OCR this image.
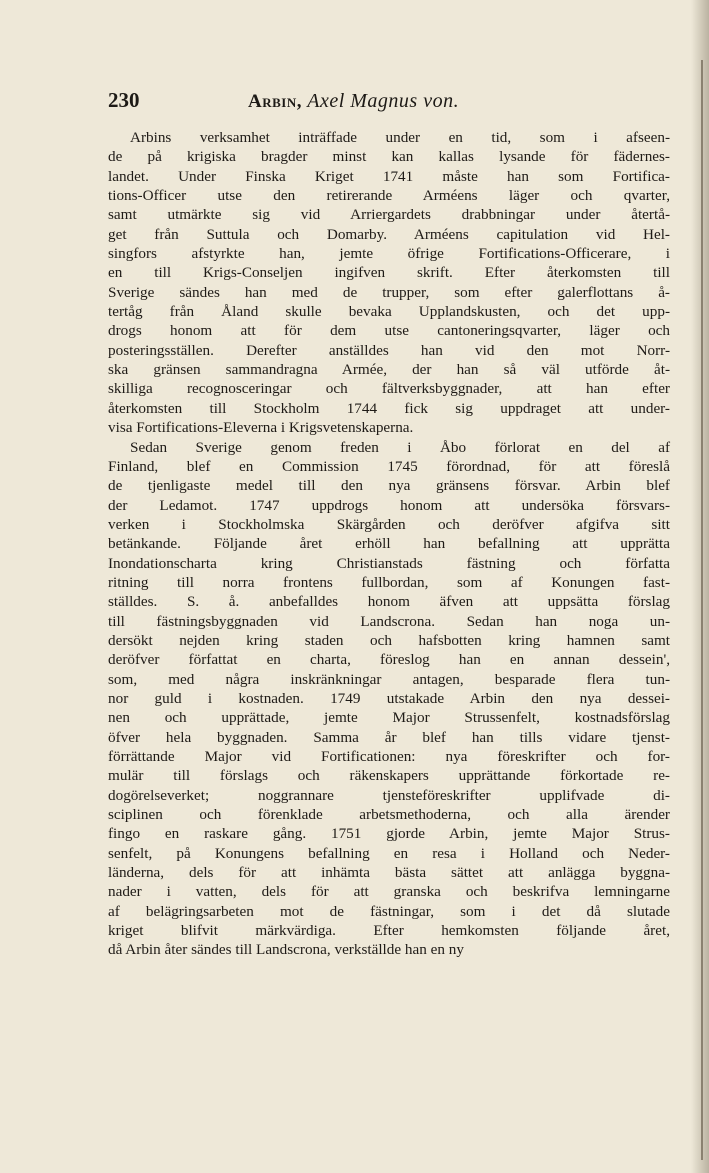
230	Arbin, Axel Magnus von.
Arbins verksamhet inträffade under en tid, som i afseen-
de på krigiska bragder minst kan kallas lysande för fädernes-
landet. Under Finska Kriget 1741 måste han som Fortifica-
tions-Officer utse den retirerande Arméens läger och qvarter,
samt utmärkte sig vid Arriergardets drabbningar under återtå-
get från Suttula och Domarby. Arméens capitulation vid Hel-
singfors afstyrkte han, jemte öfrige Fortifications-Officerare, i
en till Krigs-Conseljen ingifven skrift. Efter återkomsten till
Sverige sändes han med de trupper, som efter galerflottans å-
tertåg från Åland skulle bevaka Upplandskusten, och det upp-
drogs honom att för dem utse cantoneringsqvarter, läger och
posteringsställen. Derefter anställdes han vid den mot Norr-
ska gränsen sammandragna Armée, der han så väl utförde åt-
skilliga recognosceringar och fältverksbyggnader, att han efter
återkomsten till Stockholm 1744 fick sig uppdraget att under-
visa Fortifications-Eleverna i Krigsvetenskaperna.
Sedan Sverige genom freden i Åbo förlorat en del af
Finland, blef en Commission 1745 förordnad, för att föreslå
de tjenligaste medel till den nya gränsens försvar. Arbin blef
der Ledamot. 1747 uppdrogs honom att undersöka försvars-
verken i Stockholmska Skärgården och deröfver afgifva sitt
betänkande. Följande året erhöll han befallning att upprätta
Inondationscharta kring Christianstads fästning och författa
ritning till norra frontens fullbordan, som af Konungen fast-
ställdes. S. å. anbefalldes honom äfven att uppsätta förslag
till fästningsbyggnaden vid Landscrona. Sedan han noga un-
dersökt nejden kring staden och hafsbotten kring hamnen samt
deröfver författat en charta, föreslog han en annan dessein',
som, med några inskränkningar antagen, besparade flera tun-
nor guld i kostnaden. 1749 utstakade Arbin den nya dessei-
nen och upprättade, jemte Major Strussenfelt, kostnadsförslag
öfver hela byggnaden. Samma år blef han tills vidare tjenst-
förrättande Major vid Fortificationen: nya föreskrifter och for-
mulär till förslags och räkenskapers upprättande förkortade re-
dogörelseverket; noggrannare tjensteföreskrifter upplifvade di-
sciplinen och förenklade arbetsmethoderna, och alla ärender
fingo en raskare gång. 1751 gjorde Arbin, jemte Major Strus-
senfelt, på Konungens befallning en resa i Holland och Neder-
länderna, dels för att inhämta bästa sättet att anlägga byggna-
nader i vatten, dels för att granska och beskrifva lemningarne
af belägringsarbeten mot de fästningar, som i det då slutade
kriget blifvit märkvärdiga. Efter hemkomsten följande året,
då Arbin åter sändes till Landscrona, verkställde han en ny
